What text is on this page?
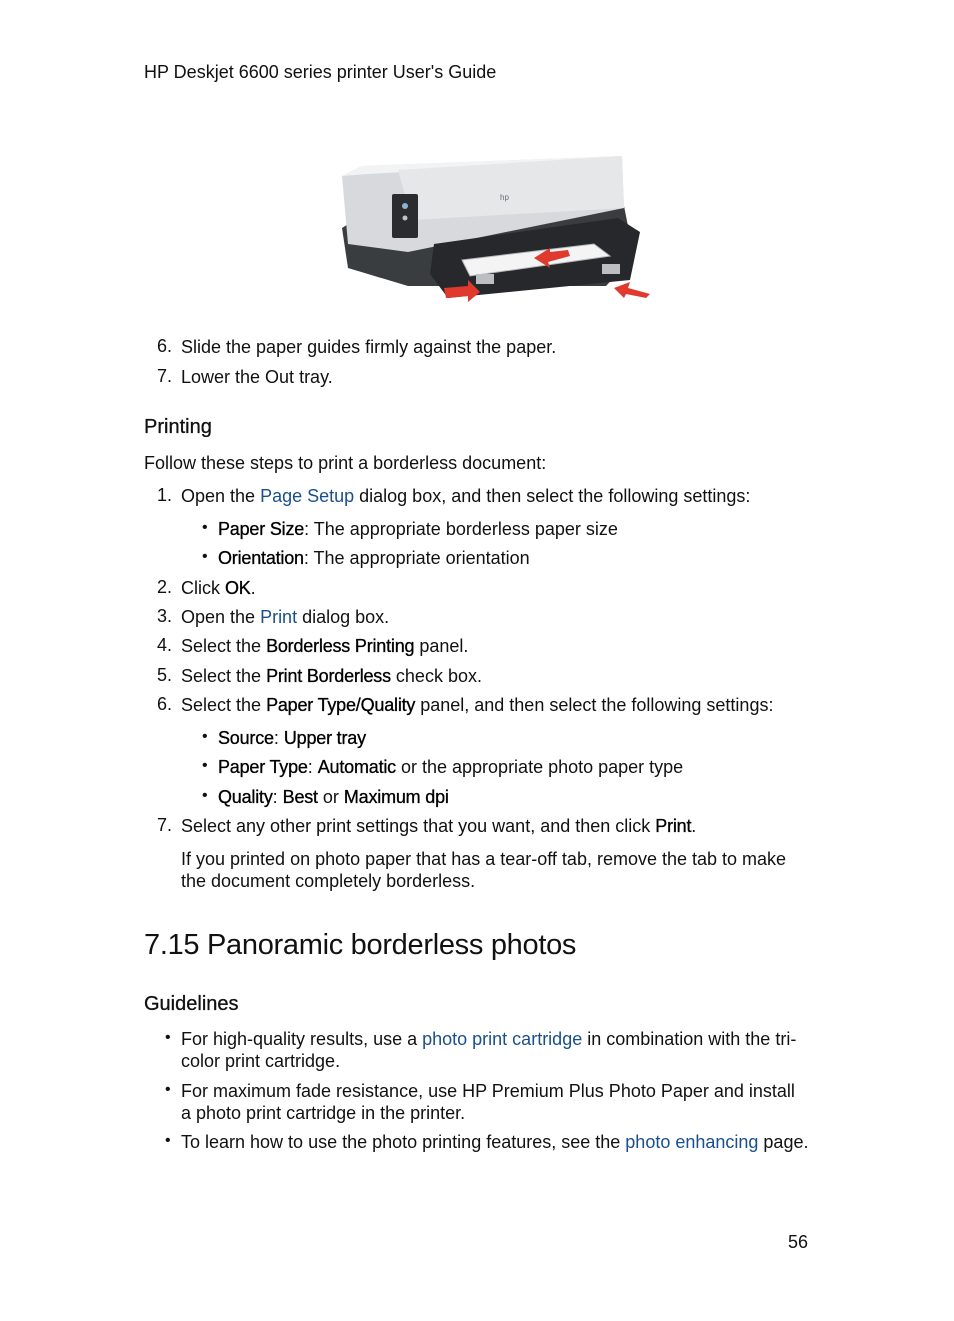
HP Deskjet 6600 series printer User's Guide
hp
6. Slide the paper guides firmly against the paper.
7. Lower the Out tray.
Printing
Follow these steps to print a borderless document:
1. Open the Page Setup dialog box, and then select the following settings:
• Paper Size: The appropriate borderless paper size
• Orientation: The appropriate orientation
2. Click OK.
3. Open the Print dialog box.
4. Select the Borderless Printing panel.
5. Select the Print Borderless check box.
6. Select the Paper Type/Quality panel, and then select the following settings:
• Source: Upper tray
• Paper Type: Automatic or the appropriate photo paper type
• Quality: Best or Maximum dpi
7. Select any other print settings that you want, and then click Print.
If you printed on photo paper that has a tear-off tab, remove the tab to make
the document completely borderless.
7.15 Panoramic borderless photos
Guidelines
• For high-quality results, use a photo print cartridge in combination with the tri-
color print cartridge.
• For maximum fade resistance, use HP Premium Plus Photo Paper and install
a photo print cartridge in the printer.
• To learn how to use the photo printing features, see the photo enhancing page.
56
